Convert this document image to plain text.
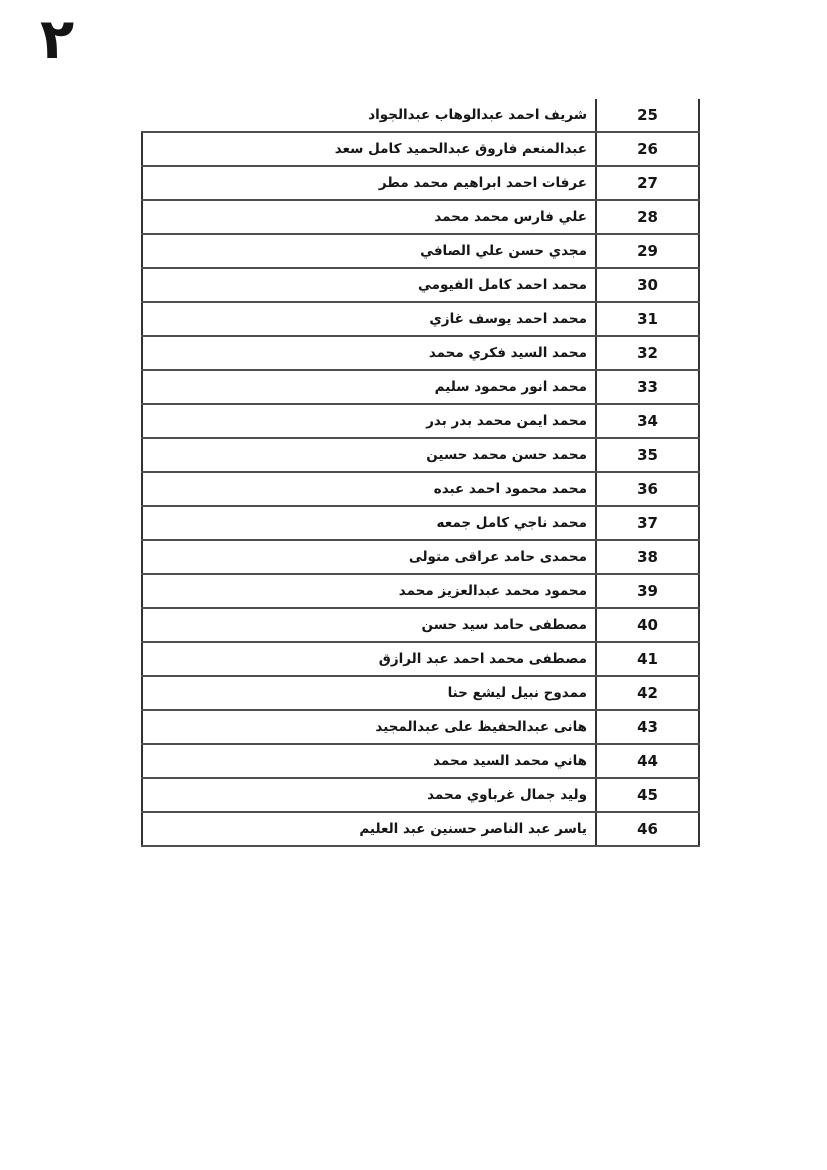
٢
25
شريف احمد عبدالوهاب عبدالجواد
26
عبدالمنعم فاروق عبدالحميد كامل سعد
27
عرفات احمد ابراهيم محمد مطر
28
علي فارس محمد محمد
29
مجدي حسن علي الصافي
30
محمد احمد كامل الفيومي
31
محمد احمد يوسف غازي
32
محمد السيد فكري محمد
33
محمد انور محمود سليم
34
محمد ايمن محمد بدر بدر
35
محمد حسن محمد حسين
36
محمد محمود احمد عبده
37
محمد ناجي كامل جمعه
38
محمدى حامد عراقى متولى
39
محمود محمد عبدالعزيز محمد
40
مصطفى حامد سيد حسن
41
مصطفى محمد احمد عبد الرازق
42
ممدوح نبيل ليشع حنا
43
هانى عبدالحفيظ على عبدالمجيد
44
هاني محمد السيد محمد
45
وليد جمال غرباوي محمد
46
ياسر عبد الناصر حسنين عبد العليم
